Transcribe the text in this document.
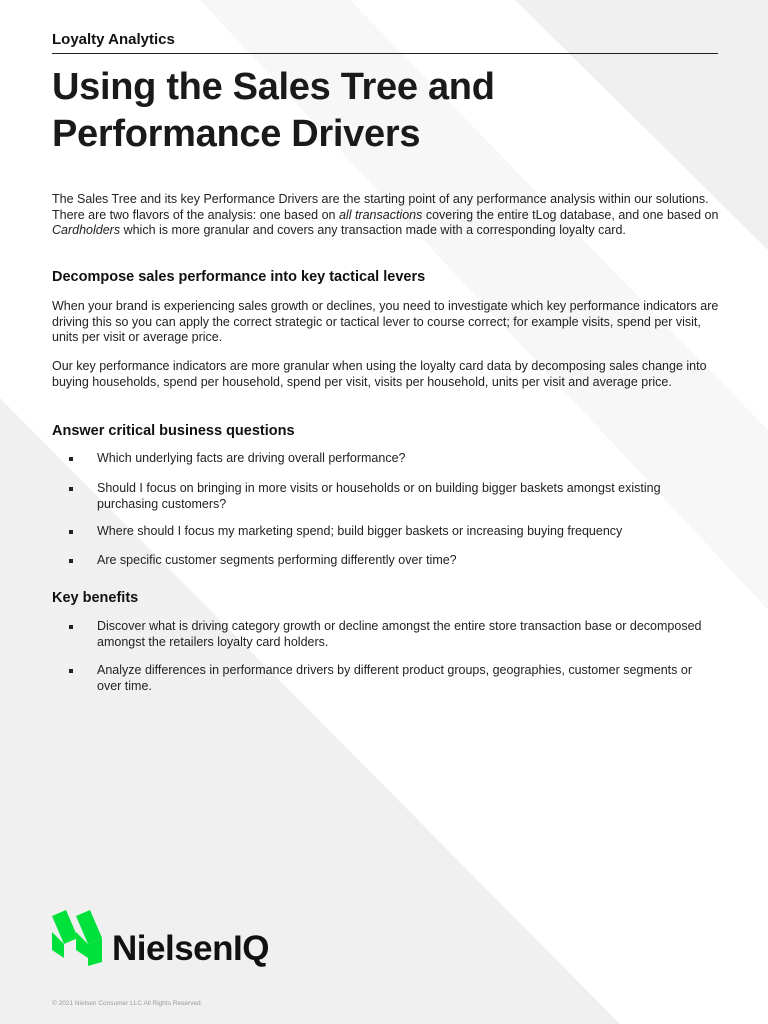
Loyalty Analytics
Using the Sales Tree and Performance Drivers

The Sales Tree and its key Performance Drivers are the starting point of any performance analysis within our solutions. There are two flavors of the analysis: one based on all transactions covering the entire tLog database, and one based on Cardholders which is more granular and covers any transaction made with a corresponding loyalty card.

Decompose sales performance into key tactical levers

When your brand is experiencing sales growth or declines, you need to investigate which key performance indicators are driving this so you can apply the correct strategic or tactical lever to course correct; for example visits, spend per visit, units per visit or average price.

Our key performance indicators are more granular when using the loyalty card data by decomposing sales change into buying households, spend per household, spend per visit, visits per household, units per visit and average price.

Answer critical business questions
Which underlying facts are driving overall performance?
Should I focus on bringing in more visits or households or on building bigger baskets amongst existing purchasing customers?
Where should I focus my marketing spend; build bigger baskets or increasing buying frequency
Are specific customer segments performing differently over time?
Key benefits
Discover what is driving category growth or decline amongst the entire store transaction base or decomposed amongst the retailers loyalty card holders.
Analyze differences in performance drivers by different product groups, geographies, customer segments or over time.
NielsenIQ
© 2021 Nielsen Consumer LLC All Rights Reserved.
